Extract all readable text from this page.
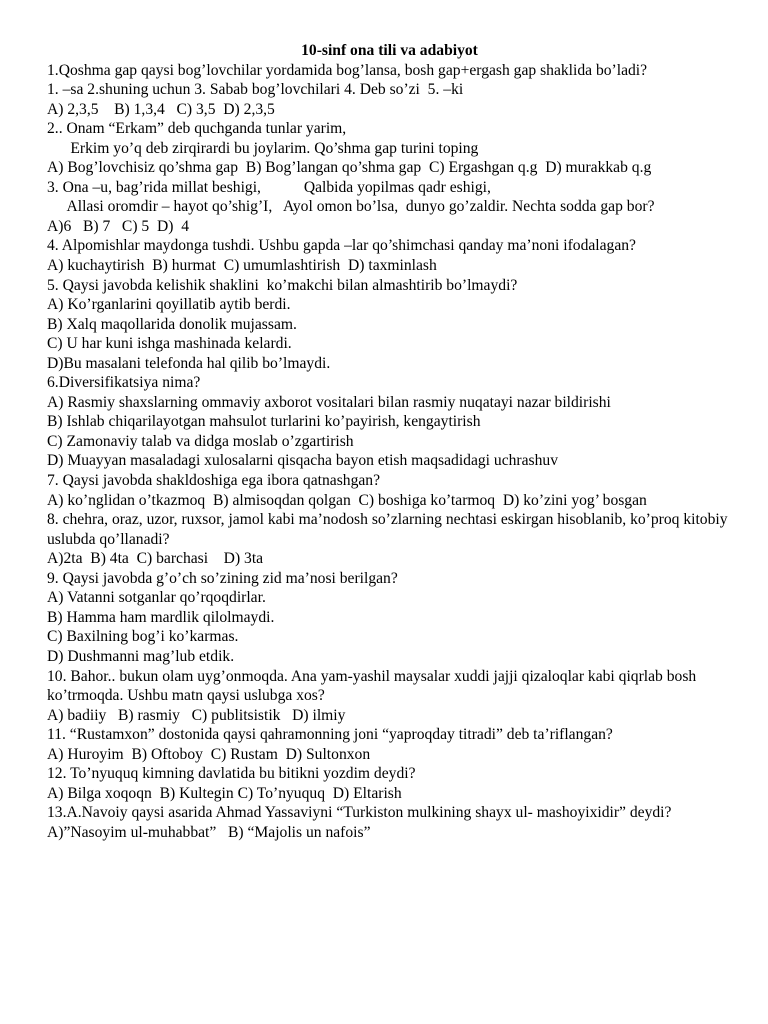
10-sinf ona tili va adabiyot

1.Qoshma gap qaysi bog’lovchilar yordamida bog’lansa, bosh gap+ergash gap shaklida bo’ladi?

1. –sa 2.shuning uchun 3. Sabab bog’lovchilari 4. Deb so’zi  5. –ki

A) 2,3,5    B) 1,3,4   C) 3,5  D) 2,3,5

2.. Onam “Erkam” deb quchganda tunlar yarim,

Erkim yo’q deb zirqirardi bu joylarim. Qo’shma gap turini toping

A) Bog’lovchisiz qo’shma gap  B) Bog’langan qo’shma gap  C) Ergashgan q.g  D) murakkab q.g

3. Ona –u, bag’rida millat beshigi,           Qalbida yopilmas qadr eshigi,

Allasi oromdir – hayot qo’shig’I,   Ayol omon bo’lsa,  dunyo go’zaldir. Nechta sodda gap bor?

A)6   B) 7   C) 5  D)  4

4. Alpomishlar maydonga tushdi. Ushbu gapda –lar qo’shimchasi qanday ma’noni ifodalagan?

A) kuchaytirish  B) hurmat  C) umumlashtirish  D) taxminlash

5. Qaysi javobda kelishik shaklini  ko’makchi bilan almashtirib bo’lmaydi?

A) Ko’rganlarini qoyillatib aytib berdi.

B) Xalq maqollarida donolik mujassam.

C) U har kuni ishga mashinada kelardi.

D)Bu masalani telefonda hal qilib bo’lmaydi.

6.Diversifikatsiya nima?

A) Rasmiy shaxslarning ommaviy axborot vositalari bilan rasmiy nuqatayi nazar bildirishi

B) Ishlab chiqarilayotgan mahsulot turlarini ko’payirish, kengaytirish

C) Zamonaviy talab va didga moslab o’zgartirish

D) Muayyan masaladagi xulosalarni qisqacha bayon etish maqsadidagi uchrashuv

7. Qaysi javobda shakldoshiga ega ibora qatnashgan?

A) ko’nglidan o’tkazmoq  B) almisoqdan qolgan  C) boshiga ko’tarmoq  D) ko’zini yog’ bosgan

8. chehra, oraz, uzor, ruxsor, jamol kabi ma’nodosh so’zlarning nechtasi eskirgan hisoblanib, ko’proq kitobiy uslubda qo’llanadi?

A)2ta  B) 4ta  C) barchasi    D) 3ta

9. Qaysi javobda g’o’ch so’zining zid ma’nosi berilgan?

A) Vatanni sotganlar qo’rqoqdirlar.

B) Hamma ham mardlik qilolmaydi.

C) Baxilning bog’i ko’karmas.

D) Dushmanni mag’lub etdik.

10. Bahor.. bukun olam uyg’onmoqda. Ana yam-yashil maysalar xuddi jajji qizaloqlar kabi qiqrlab bosh ko’trmoqda. Ushbu matn qaysi uslubga xos?

A) badiiy   B) rasmiy   C) publitsistik   D) ilmiy

11. “Rustamxon” dostonida qaysi qahramonning joni “yaproqday titradi” deb ta’riflangan?

A) Huroyim  B) Oftoboy  C) Rustam  D) Sultonxon

12. To’nyuquq kimning davlatida bu bitikni yozdim deydi?

A) Bilga xoqoqn  B) Kultegin C) To’nyuquq  D) Eltarish

13.A.Navoiy qaysi asarida Ahmad Yassaviyni “Turkiston mulkining shayx ul- mashoyixidir” deydi?

A)”Nasoyim ul-muhabbat”   B) “Majolis un nafois”
